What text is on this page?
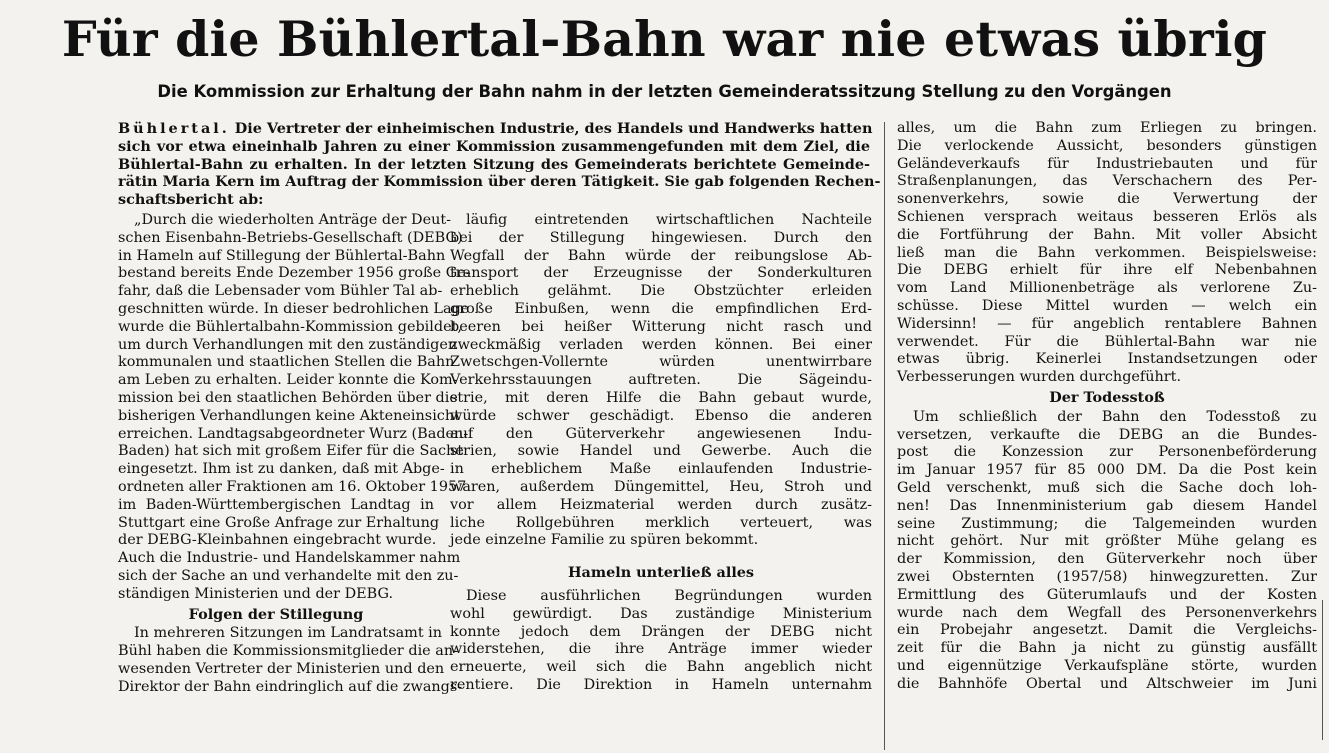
Für die Bühlertal-Bahn war nie etwas übrig
Die Kommission zur Erhaltung der Bahn nahm in der letzten Gemeinderatssitzung Stellung zu den Vorgängen

Bühlertal. Die Vertreter der einheimischen Industrie, des Handels und Handwerks hatten

sich vor etwa eineinhalb Jahren zu einer Kommission zusammengefunden mit dem Ziel, die

Bühlertal-Bahn zu erhalten. In der letzten Sitzung des Gemeinderats berichtete Gemeinde-

rätin Maria Kern im Auftrag der Kommission über deren Tätigkeit. Sie gab folgenden Rechen-

schaftsbericht ab:

„Durch die wiederholten Anträge der Deut-

schen Eisenbahn-Betriebs-Gesellschaft (DEBG)

in Hameln auf Stillegung der Bühlertal-Bahn

bestand bereits Ende Dezember 1956 große Ge-

fahr, daß die Lebensader vom Bühler Tal ab-

geschnitten würde. In dieser bedrohlichen Lage

wurde die Bühlertalbahn-Kommission gebildet,

um durch Verhandlungen mit den zuständigen

kommunalen und staatlichen Stellen die Bahn

am Leben zu erhalten. Leider konnte die Kom-

mission bei den staatlichen Behörden über die

bisherigen Verhandlungen keine Akteneinsicht

erreichen. Landtagsabgeordneter Wurz (Baden-

Baden) hat sich mit großem Eifer für die Sache

eingesetzt. Ihm ist zu danken, daß mit Abge-

ordneten aller Fraktionen am 16. Oktober 1957

im Baden-Württembergischen Landtag in

Stuttgart eine Große Anfrage zur Erhaltung

der DEBG-Kleinbahnen eingebracht wurde.

Auch die Industrie- und Handelskammer nahm

sich der Sache an und verhandelte mit den zu-

ständigen Ministerien und der DEBG.

Folgen der Stillegung

In mehreren Sitzungen im Landratsamt in

Bühl haben die Kommissionsmitglieder die an-

wesenden Vertreter der Ministerien und den

Direktor der Bahn eindringlich auf die zwangs-

läufig eintretenden wirtschaftlichen Nachteile

bei der Stillegung hingewiesen. Durch den

Wegfall der Bahn würde der reibungslose Ab-

transport der Erzeugnisse der Sonderkulturen

erheblich gelähmt. Die Obstzüchter erleiden

große Einbußen, wenn die empfindlichen Erd-

beeren bei heißer Witterung nicht rasch und

zweckmäßig verladen werden können. Bei einer

Zwetschgen-Vollernte würden unentwirrbare

Verkehrsstauungen auftreten. Die Sägeindu-

strie, mit deren Hilfe die Bahn gebaut wurde,

würde schwer geschädigt. Ebenso die anderen

auf den Güterverkehr angewiesenen Indu-

strien, sowie Handel und Gewerbe. Auch die

in erheblichem Maße einlaufenden Industrie-

waren, außerdem Düngemittel, Heu, Stroh und

vor allem Heizmaterial werden durch zusätz-

liche Rollgebühren merklich verteuert, was

jede einzelne Familie zu spüren bekommt.

Hameln unterließ alles

Diese ausführlichen Begründungen wurden

wohl gewürdigt. Das zuständige Ministerium

konnte jedoch dem Drängen der DEBG nicht

widerstehen, die ihre Anträge immer wieder

erneuerte, weil sich die Bahn angeblich nicht

rentiere. Die Direktion in Hameln unternahm

alles, um die Bahn zum Erliegen zu bringen.

Die verlockende Aussicht, besonders günstigen

Geländeverkaufs für Industriebauten und für

Straßenplanungen, das Verschachern des Per-

sonenverkehrs, sowie die Verwertung der

Schienen versprach weitaus besseren Erlös als

die Fortführung der Bahn. Mit voller Absicht

ließ man die Bahn verkommen. Beispielsweise:

Die DEBG erhielt für ihre elf Nebenbahnen

vom Land Millionenbeträge als verlorene Zu-

schüsse. Diese Mittel wurden — welch ein

Widersinn! — für angeblich rentablere Bahnen

verwendet. Für die Bühlertal-Bahn war nie

etwas übrig. Keinerlei Instandsetzungen oder

Verbesserungen wurden durchgeführt.

Der Todesstoß

Um schließlich der Bahn den Todesstoß zu

versetzen, verkaufte die DEBG an die Bundes-

post die Konzession zur Personenbeförderung

im Januar 1957 für 85 000 DM. Da die Post kein

Geld verschenkt, muß sich die Sache doch loh-

nen! Das Innenministerium gab diesem Handel

seine Zustimmung; die Talgemeinden wurden

nicht gehört. Nur mit größter Mühe gelang es

der Kommission, den Güterverkehr noch über

zwei Obsternten (1957/58) hinwegzuretten. Zur

Ermittlung des Güterumlaufs und der Kosten

wurde nach dem Wegfall des Personenverkehrs

ein Probejahr angesetzt. Damit die Vergleichs-

zeit für die Bahn ja nicht zu günstig ausfällt

und eigennützige Verkaufspläne störte, wurden

die Bahnhöfe Obertal und Altschweier im Juni
